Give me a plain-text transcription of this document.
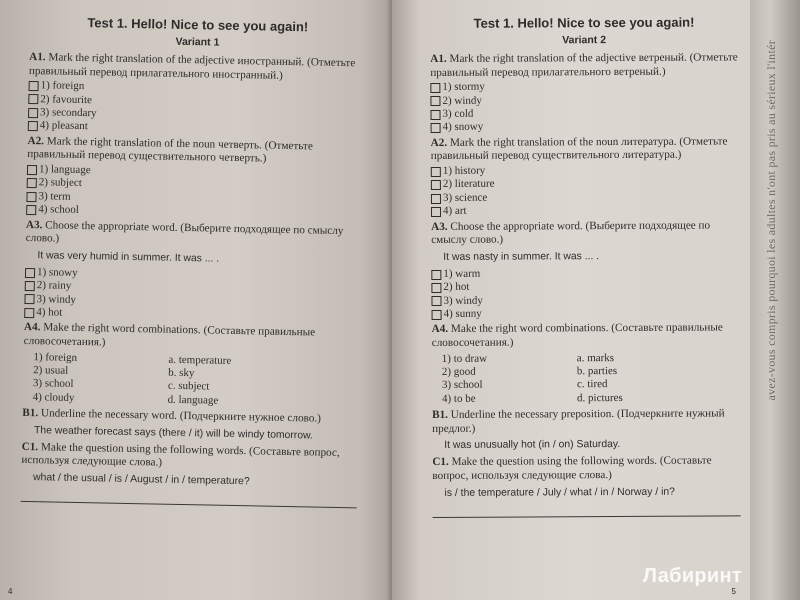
Test 1. Hello! Nice to see you again!
Variant 1
A1. Mark the right translation of the adjective иностранный. (Отметьте правильный перевод прилагательного иностранный.)
1) foreign
2) favourite
3) secondary
4) pleasant
A2. Mark the right translation of the noun четверть. (Отметьте правильный перевод существительного четверть.)
1) language
2) subject
3) term
4) school
A3. Choose the appropriate word. (Выберите подходящее по смыслу слово.)
It was very humid in summer. It was ... .
1) snowy
2) rainy
3) windy
4) hot
A4. Make the right word combinations. (Составьте правильные словосочетания.)
1) foreign	a. temperature
2) usual	b. sky
3) school	c. subject
4) cloudy	d. language
B1. Underline the necessary word. (Подчеркните нужное слово.)
The weather forecast says (there / it) will be windy tomorrow.
C1. Make the question using the following words. (Составьте вопрос, используя следующие слова.)
what / the usual / is / August / in / temperature?
4
Test 1. Hello! Nice to see you again!
Variant 2
A1. Mark the right translation of the adjective ветреный. (Отметьте правильный перевод прилагательного ветреный.)
1) stormy
2) windy
3) cold
4) snowy
A2. Mark the right translation of the noun литература. (Отметьте правильный перевод существительного литература.)
1) history
2) literature
3) science
4) art
A3. Choose the appropriate word. (Выберите подходящее по смыслу слово.)
It was nasty in summer. It was ... .
1) warm
2) hot
3) windy
4) sunny
A4. Make the right word combinations. (Составьте правильные словосочетания.)
1) to draw	a. marks
2) good	b. parties
3) school	c. tired
4) to be	d. pictures
B1. Underline the necessary preposition. (Подчеркните нужный предлог.)
It was unusually hot (in / on) Saturday.
C1. Make the question using the following words. (Составьте вопрос, используя следующие слова.)
is / the temperature / July / what / in / Norway / in?
5
avez-vous compris pourquoi les adultes n'ont pas pris au sérieux l'intér
Лабиринт
